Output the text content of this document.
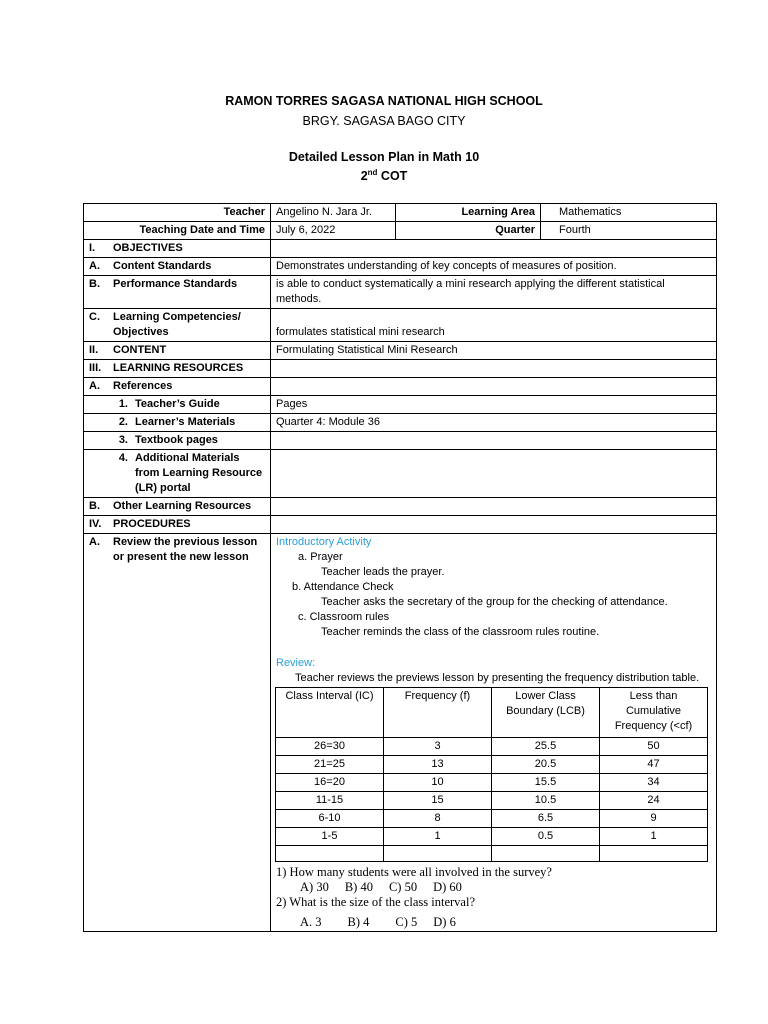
RAMON TORRES SAGASA NATIONAL HIGH SCHOOL
BRGY. SAGASA BAGO CITY
Detailed Lesson Plan in Math 10
2nd COT
Teacher	Angelino N. Jara Jr.	Learning Area	Mathematics
Teaching Date and Time	July 6, 2022	Quarter	Fourth

I.	OBJECTIVES

A.	Content Standards	Demonstrates understanding of key concepts of measures of position.

B.	Performance Standards	is able to conduct systematically a mini research applying the different statistical methods.

C.	Learning Competencies/
Objectives	formulates statistical mini research

II.	CONTENT	Formulating Statistical Mini Research

III.	LEARNING RESOURCES

A.	References

1. Teacher’s Guide	Pages

2. Learner’s Materials	Quarter 4: Module 36

3. Textbook pages

4. Additional Materials
from Learning Resource
(LR) portal

B.	Other Learning Resources

IV.	PROCEDURES

A.	Review the previous lesson
or present the new lesson

Introductory Activity
a. Prayer
Teacher leads the prayer.
b. Attendance Check
Teacher asks the secretary of the group for the checking of attendance.
c. Classroom rules
Teacher reminds the class of the classroom rules routine.
Review:
Teacher reviews the previews lesson by presenting the frequency distribution table.
Class Interval (IC)	Frequency (f)	Lower Class Boundary (LCB)	Less than Cumulative Frequency (<cf)
26=30	3	25.5	50
21=25	13	20.5	47
16=20	10	15.5	34
11-15	15	10.5	24
6-10	8	6.5	9
1-5	1	0.5	1

1) How many students were all involved in the survey?
A) 30 B) 40 C) 50 D) 60
2) What is the size of the class interval?
A. 3 B) 4 C) 5 D) 6
